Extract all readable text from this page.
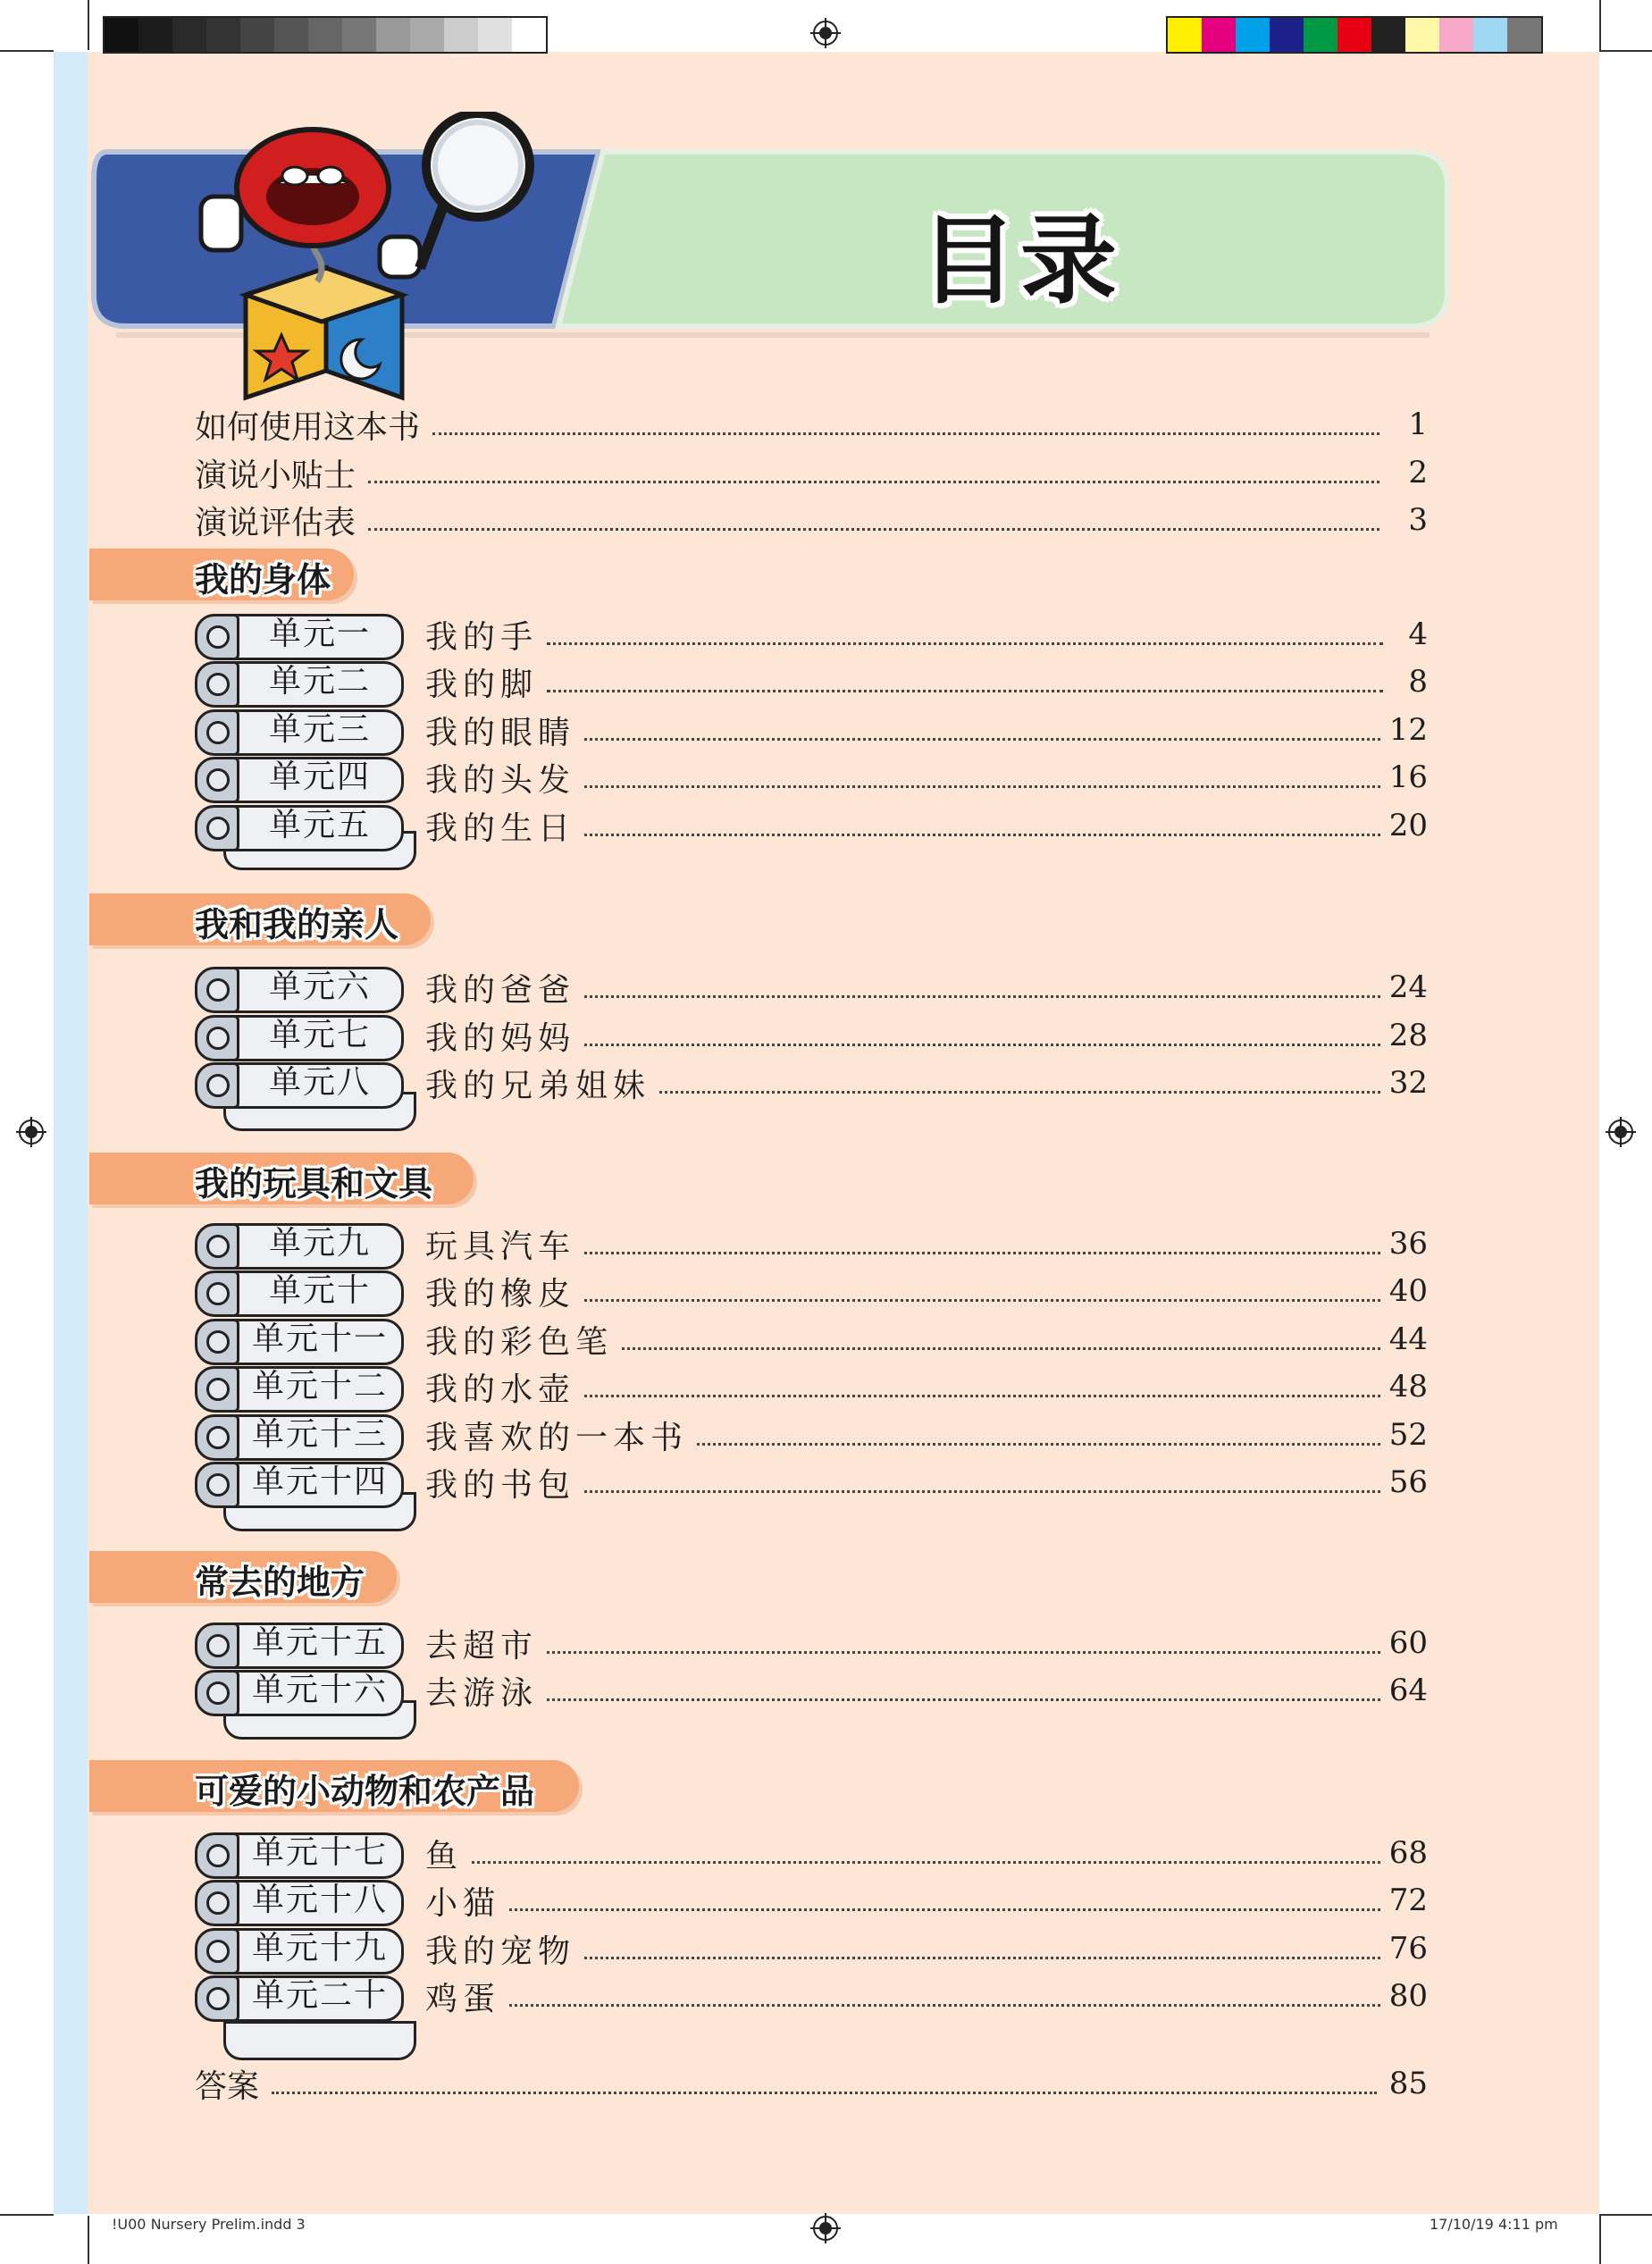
目录
如何使用这本书	1
演说小贴士	2
演说评估表	3
我的身体
单元一	我的手	4
单元二	我的脚	8
单元三	我的眼睛	12
单元四	我的头发	16
单元五	我的生日	20
我和我的亲人
单元六	我的爸爸	24
单元七	我的妈妈	28
单元八	我的兄弟姐妹	32
我的玩具和文具
单元九	玩具汽车	36
单元十	我的橡皮	40
单元十一	我的彩色笔	44
单元十二	我的水壶	48
单元十三	我喜欢的一本书	52
单元十四	我的书包	56
常去的地方
单元十五	去超市	60
单元十六	去游泳	64
可爱的小动物和农产品
单元十七	鱼	68
单元十八	小猫	72
单元十九	我的宠物	76
单元二十	鸡蛋	80
答案	85
!U00 Nursery Prelim.indd 3	17/10/19 4:11 pm
